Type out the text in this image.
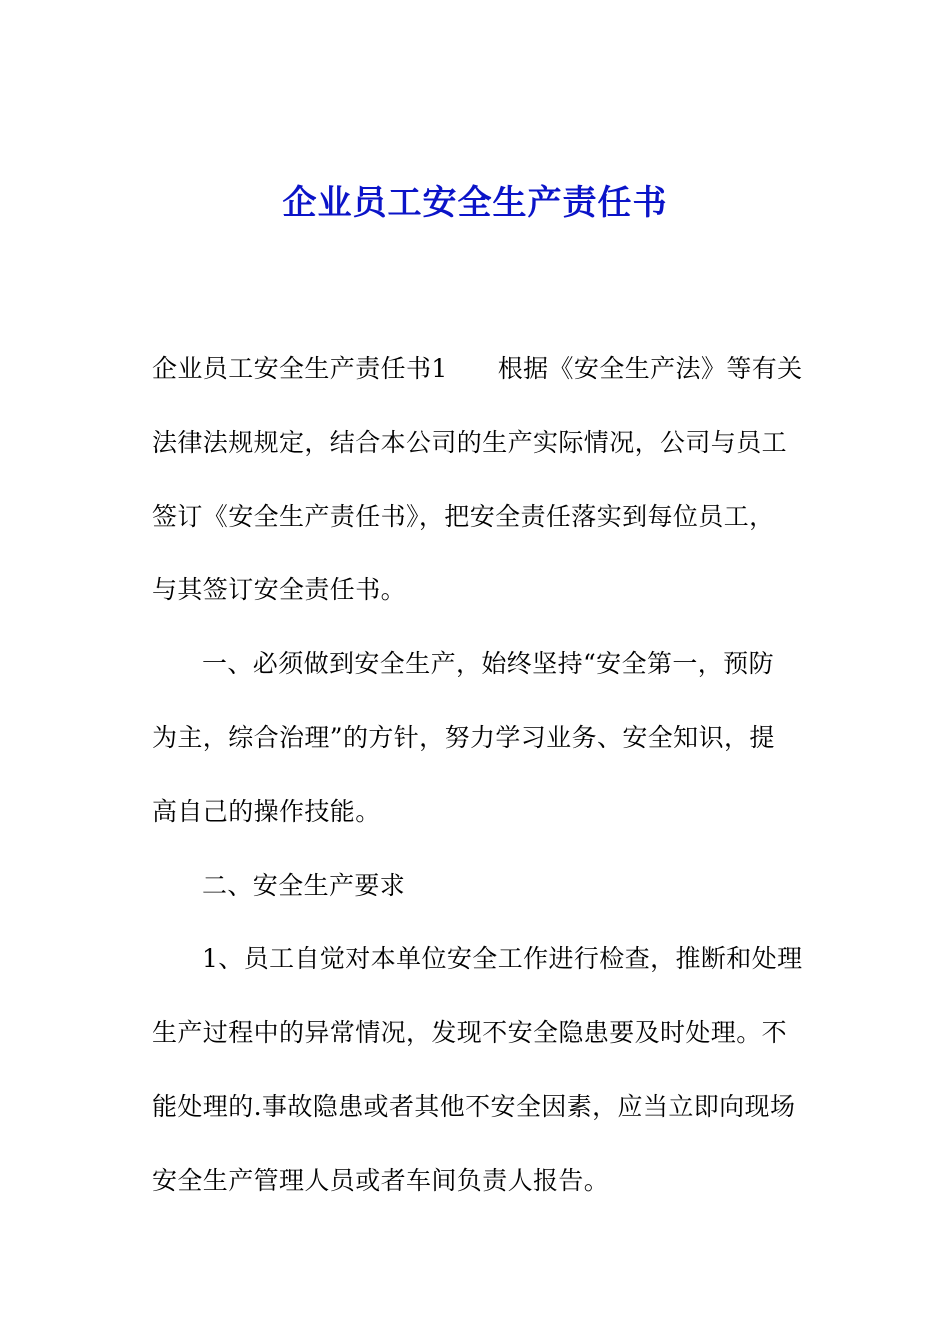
企业员工安全生产责任书

企业员工安全生产责任书1 根据《安全生产法》等有关
法律法规规定，结合本公司的生产实际情况，公司与员工
签订《安全生产责任书》，把安全责任落实到每位员工，
与其签订安全责任书。

一、必须做到安全生产，始终坚持“安全第一，预防
为主，综合治理”的方针，努力学习业务、安全知识，提
高自己的操作技能。

二、安全生产要求

1、员工自觉对本单位安全工作进行检查，推断和处理
生产过程中的异常情况，发现不安全隐患要及时处理。不
能处理的.事故隐患或者其他不安全因素，应当立即向现场
安全生产管理人员或者车间负责人报告。
